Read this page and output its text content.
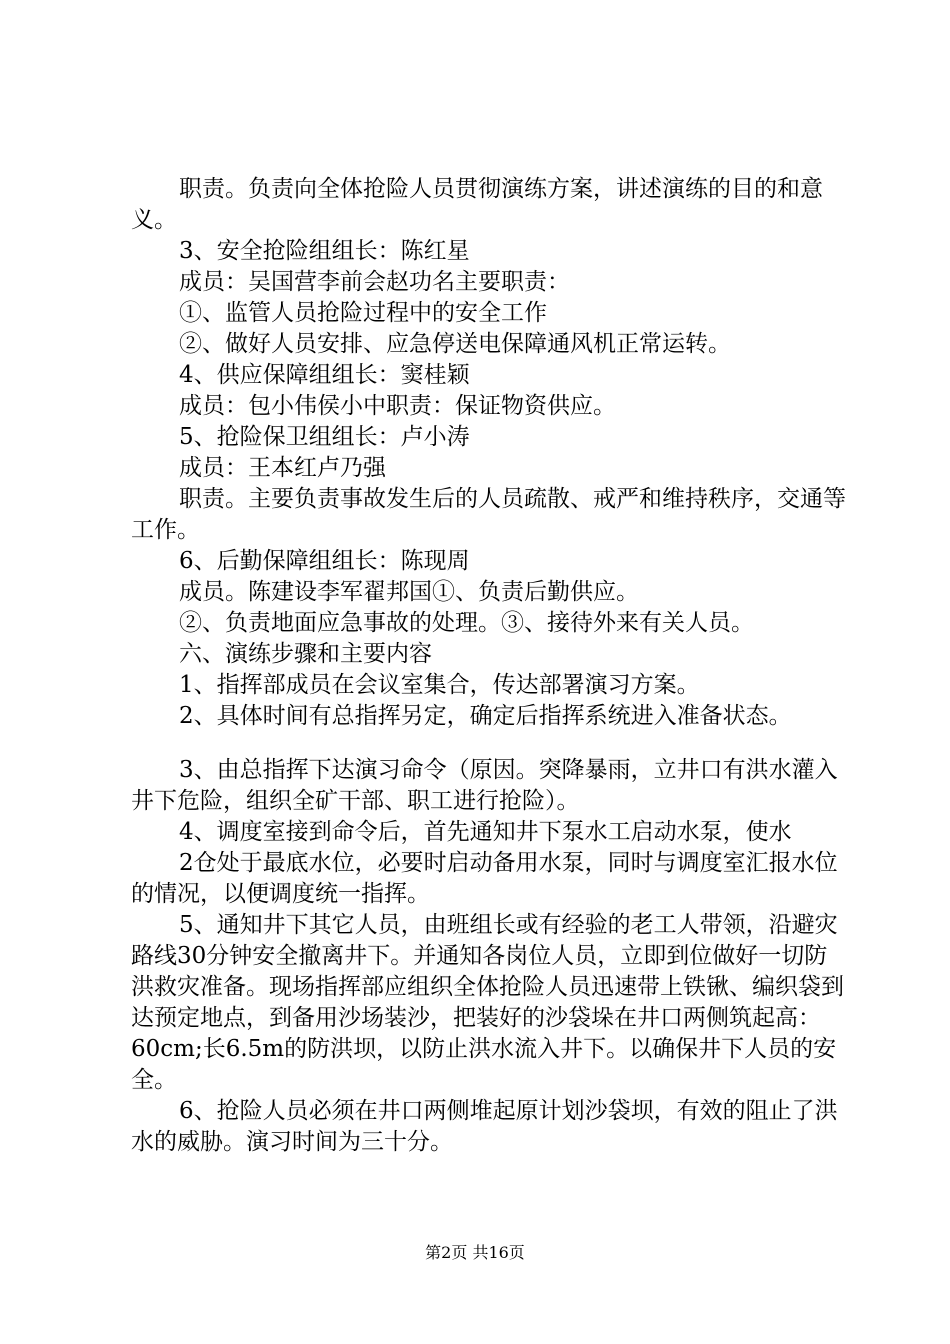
职责。负责向全体抢险人员贯彻演练方案，讲述演练的目的和意义。

3、安全抢险组组长：陈红星

成员：吴国营李前会赵功名主要职责：

①、监管人员抢险过程中的安全工作

②、做好人员安排、应急停送电保障通风机正常运转。

4、供应保障组组长：窦桂颖

成员：包小伟侯小中职责：保证物资供应。

5、抢险保卫组组长：卢小涛

成员：王本红卢乃强

职责。主要负责事故发生后的人员疏散、戒严和维持秩序，交通等工作。

6、后勤保障组组长：陈现周

成员。陈建设李军翟邦国①、负责后勤供应。

②、负责地面应急事故的处理。③、接待外来有关人员。

六、演练步骤和主要内容

1、指挥部成员在会议室集合，传达部署演习方案。

2、具体时间有总指挥另定，确定后指挥系统进入准备状态。

3、由总指挥下达演习命令（原因。突降暴雨，立井口有洪水灌入井下危险，组织全矿干部、职工进行抢险）。

4、调度室接到命令后，首先通知井下泵水工启动水泵，使水

2仓处于最底水位，必要时启动备用水泵，同时与调度室汇报水位的情况，以便调度统一指挥。

5、通知井下其它人员，由班组长或有经验的老工人带领，沿避灾路线30分钟安全撤离井下。并通知各岗位人员，立即到位做好一切防洪救灾准备。现场指挥部应组织全体抢险人员迅速带上铁锹、编织袋到达预定地点，到备用沙场装沙，把装好的沙袋垛在井口两侧筑起高：60cm;长6.5m的防洪坝，以防止洪水流入井下。以确保井下人员的安全。

6、抢险人员必须在井口两侧堆起原计划沙袋坝，有效的阻止了洪水的威胁。演习时间为三十分。

第2页 共16页
